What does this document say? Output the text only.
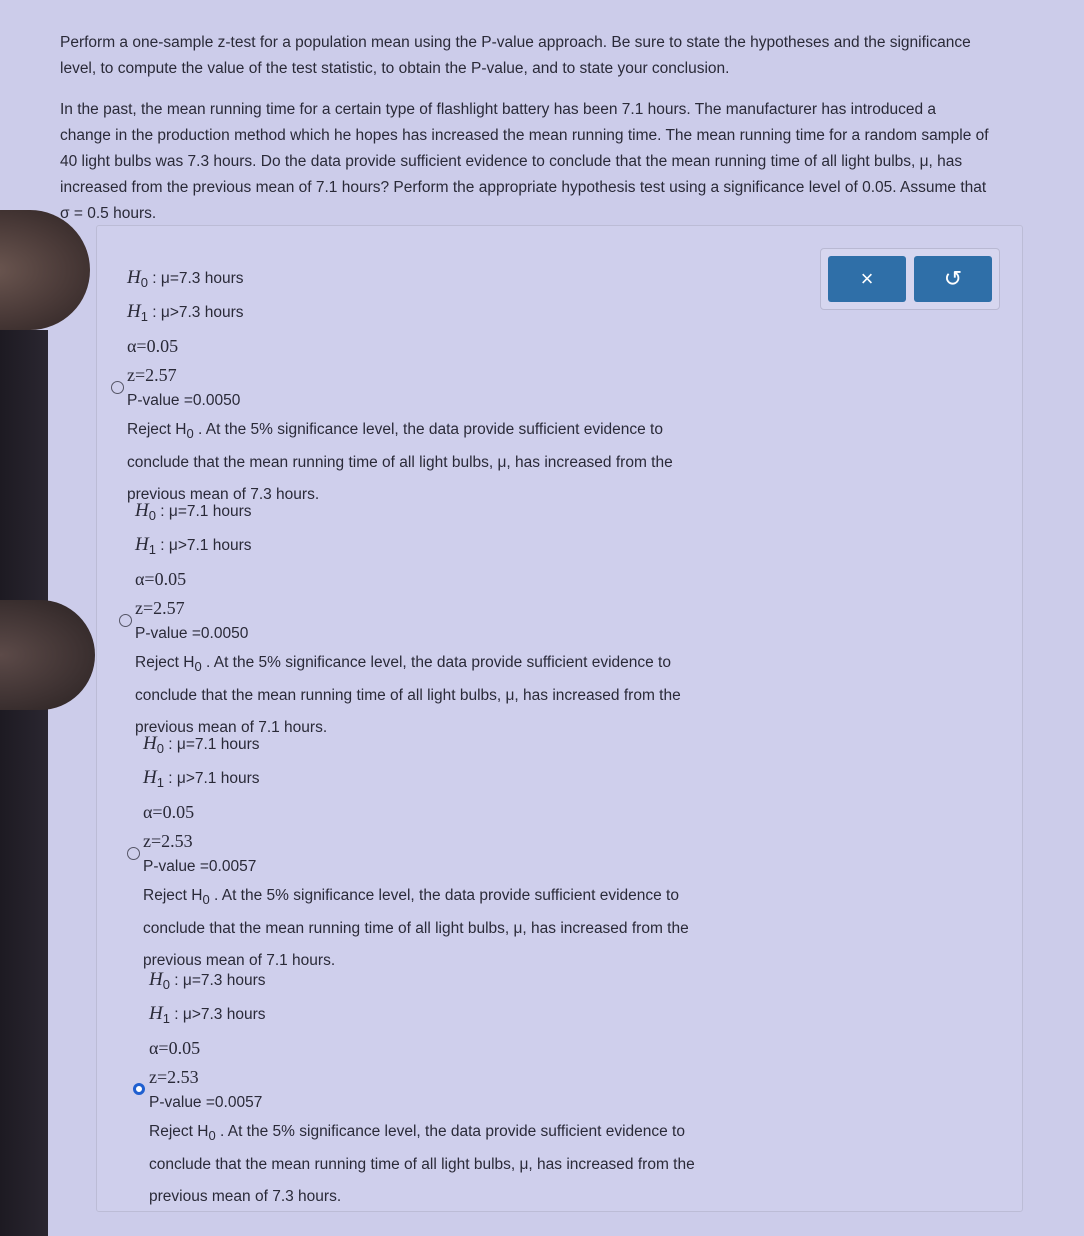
Perform a one-sample z-test for a population mean using the P-value approach. Be sure to state the hypotheses and the significance level, to compute the value of the test statistic, to obtain the P-value, and to state your conclusion.

In the past, the mean running time for a certain type of flashlight battery has been 7.1 hours. The manufacturer has introduced a change in the production method which he hopes has increased the mean running time. The mean running time for a random sample of 40 light bulbs was 7.3 hours. Do the data provide sufficient evidence to conclude that the mean running time of all light bulbs, μ, has increased from the previous mean of 7.1 hours? Perform the appropriate hypothesis test using a significance level of 0.05. Assume that σ = 0.5 hours.

×	↺
$H_0$ : μ=7.3 hours
$H_1$ : μ>7.3 hours
α=0.05
z=2.57
P-value =0.0050
Reject $H_0$ . At the 5% significance level, the data provide sufficient evidence to
conclude that the mean running time of all light bulbs, μ, has increased from the
previous mean of 7.3 hours.
$H_0$ : μ=7.1 hours
$H_1$ : μ>7.1 hours
α=0.05
z=2.57
P-value =0.0050
Reject $H_0$ . At the 5% significance level, the data provide sufficient evidence to
conclude that the mean running time of all light bulbs, μ, has increased from the
previous mean of 7.1 hours.
$H_0$ : μ=7.1 hours
$H_1$ : μ>7.1 hours
α=0.05
z=2.53
P-value =0.0057
Reject $H_0$ . At the 5% significance level, the data provide sufficient evidence to
conclude that the mean running time of all light bulbs, μ, has increased from the
previous mean of 7.1 hours.
$H_0$ : μ=7.3 hours
$H_1$ : μ>7.3 hours
α=0.05
z=2.53
P-value =0.0057
Reject $H_0$ . At the 5% significance level, the data provide sufficient evidence to
conclude that the mean running time of all light bulbs, μ, has increased from the
previous mean of 7.3 hours.
